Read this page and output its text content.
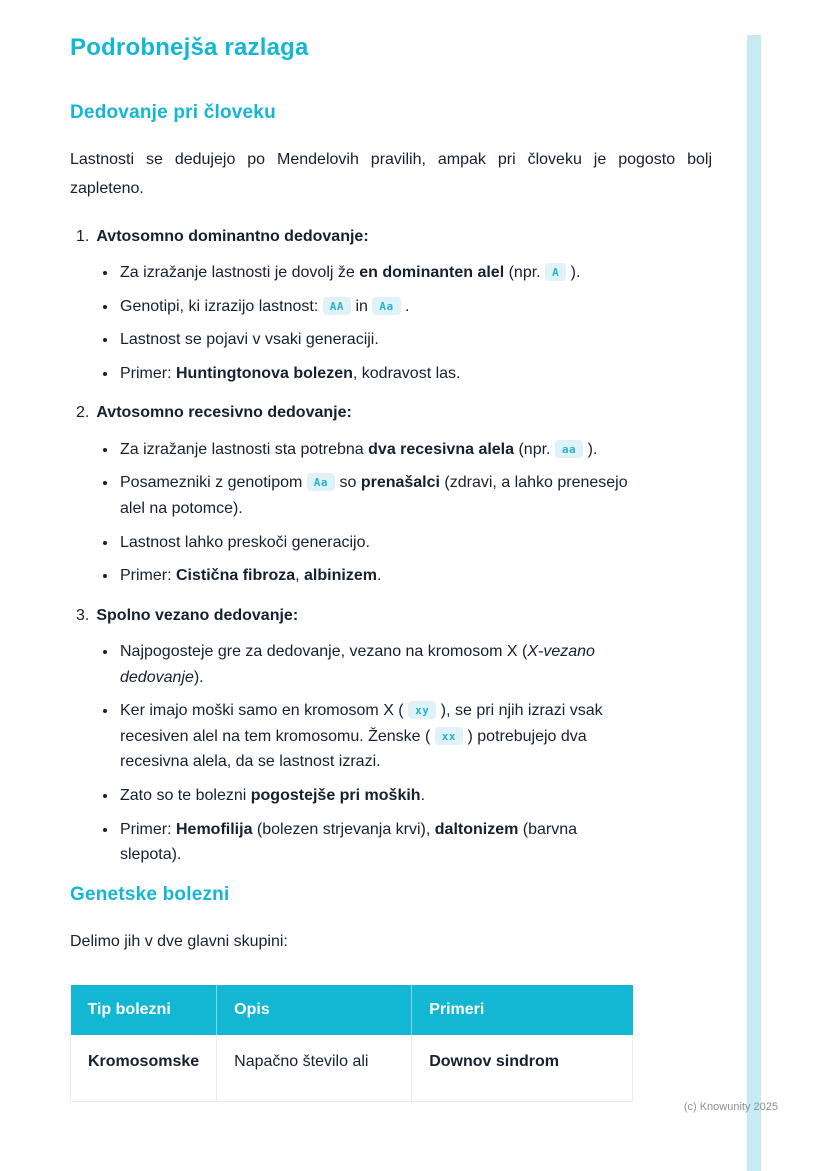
(c) Knowunity 2025
Podrobnejša razlaga
Dedovanje pri človeku

Lastnosti se dedujejo po Mendelovih pravilih, ampak pri človeku je pogosto bolj zapleteno.

1. Avtosomno dominantno dedovanje:
• Za izražanje lastnosti je dovolj že en dominanten alel (npr. A ).
• Genotipi, ki izrazijo lastnost: AA in Aa .
• Lastnost se pojavi v vsaki generaciji.
• Primer: Huntingtonova bolezen, kodravost las.
2. Avtosomno recesivno dedovanje:
• Za izražanje lastnosti sta potrebna dva recesivna alela (npr. aa ).
• Posamezniki z genotipom Aa so prenašalci (zdravi, a lahko prenesejo alel na potomce).
• Lastnost lahko preskoči generacijo.
• Primer: Cistična fibroza, albinizem.
3. Spolno vezano dedovanje:
• Najpogosteje gre za dedovanje, vezano na kromosom X (X-vezano dedovanje).
• Ker imajo moški samo en kromosom X ( xy ), se pri njih izrazi vsak recesiven alel na tem kromosomu. Ženske ( xx ) potrebujejo dva recesivna alela, da se lastnost izrazi.
• Zato so te bolezni pogostejše pri moških.
• Primer: Hemofilija (bolezen strjevanja krvi), daltonizem (barvna slepota).
Genetske bolezni

Delimo jih v dve glavni skupini:

Tip bolezni	Opis	Primeri
Kromosomske	Napačno število ali	Downov sindrom
